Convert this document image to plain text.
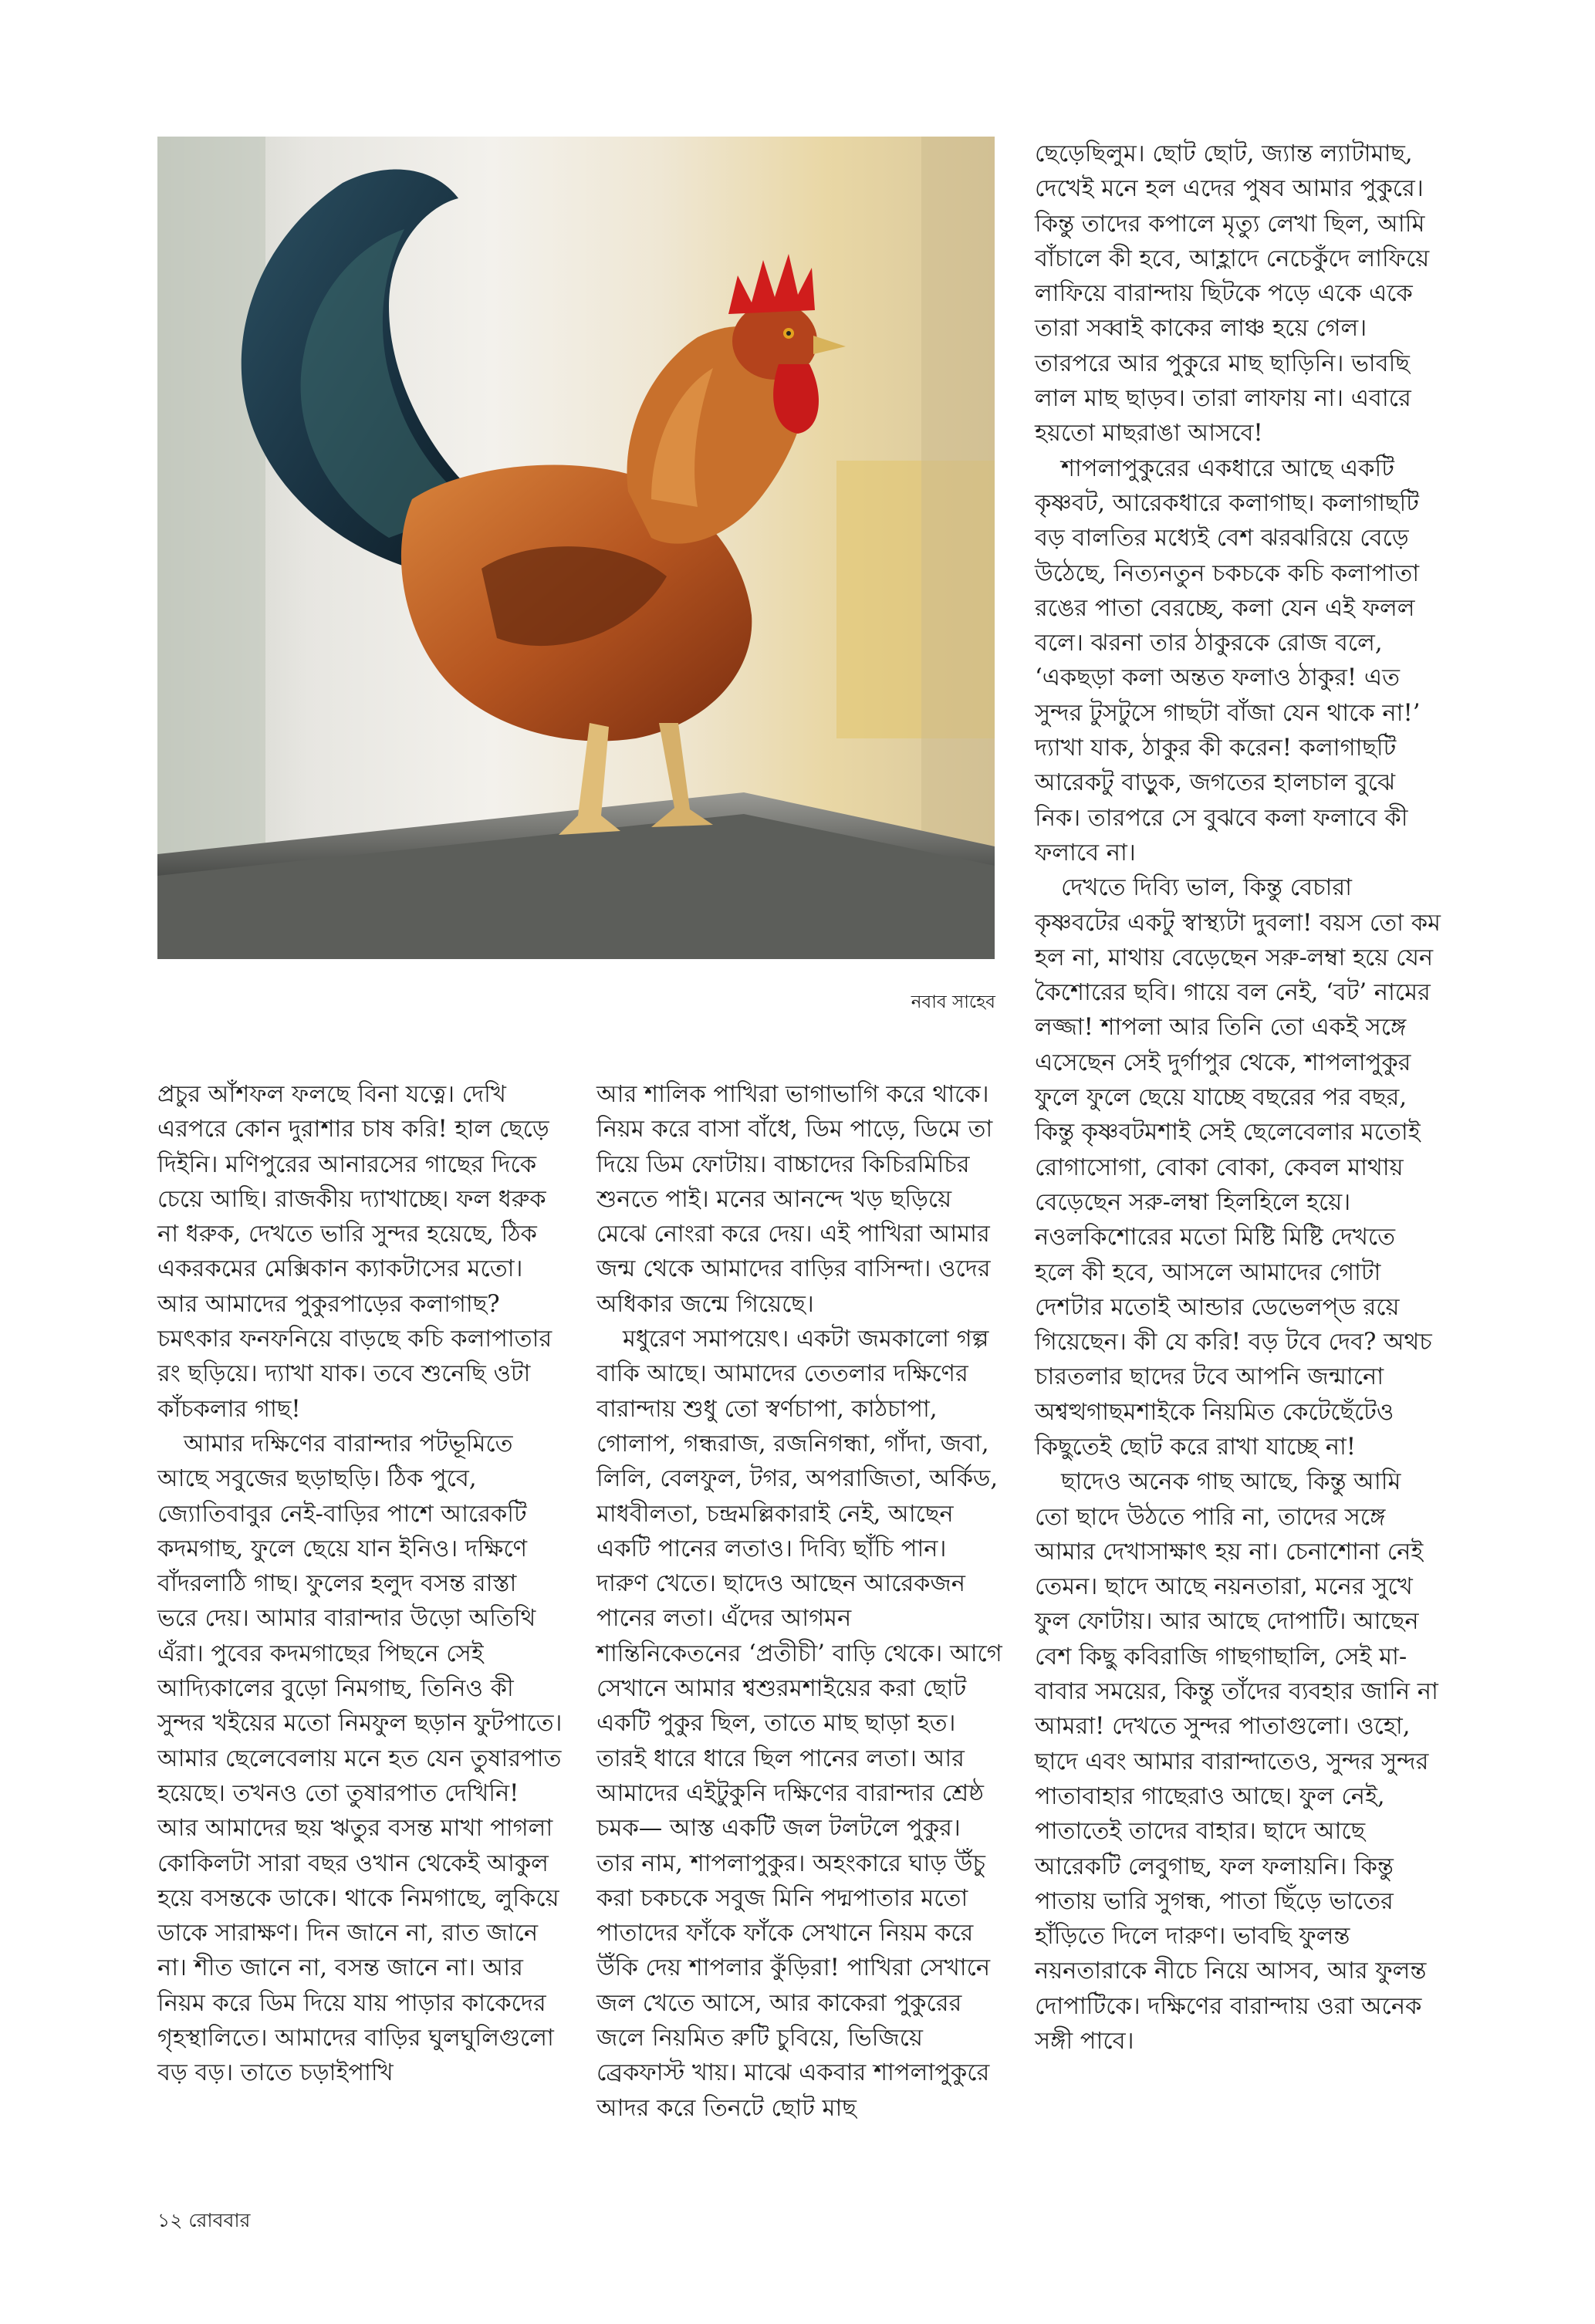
নবাব সাহেব

প্রচুর আঁশফল ফলছে বিনা যত্নে। দেখি এরপরে কোন দুরাশার চাষ করি! হাল ছেড়ে দিইনি। মণিপুরের আনারসের গাছের দিকে চেয়ে আছি। রাজকীয় দ্যাখাচ্ছে। ফল ধরুক না ধরুক, দেখতে ভারি সুন্দর হয়েছে, ঠিক একরকমের মেক্সিকান ক্যাকটাসের মতো। আর আমাদের পুকুরপাড়ের কলাগাছ? চমৎকার ফনফনিয়ে বাড়ছে কচি কলাপাতার রং ছড়িয়ে। দ্যাখা যাক। তবে শুনেছি ওটা কাঁচকলার গাছ!

আমার দক্ষিণের বারান্দার পটভূমিতে আছে সবুজের ছড়াছড়ি। ঠিক পুবে, জ্যোতিবাবুর নেই-বাড়ির পাশে আরেকটি কদমগাছ, ফুলে ছেয়ে যান ইনিও। দক্ষিণে বাঁদরলাঠি গাছ। ফুলের হলুদ বসন্ত রাস্তা ভরে দেয়। আমার বারান্দার উড়ো অতিথি এঁরা। পুবের কদমগাছের পিছনে সেই আদ্যিকালের বুড়ো নিমগাছ, তিনিও কী সুন্দর খইয়ের মতো নিমফুল ছড়ান ফুটপাতে। আমার ছেলেবেলায় মনে হত যেন তুষারপাত হয়েছে। তখনও তো তুষারপাত দেখিনি! আর আমাদের ছয় ঋতুর বসন্ত মাখা পাগলা কোকিলটা সারা বছর ওখান থেকেই আকুল হয়ে বসন্তকে ডাকে। থাকে নিমগাছে, লুকিয়ে ডাকে সারাক্ষণ। দিন জানে না, রাত জানে না। শীত জানে না, বসন্ত জানে না। আর নিয়ম করে ডিম দিয়ে যায় পাড়ার কাকেদের গৃহস্থালিতে। আমাদের বাড়ির ঘুলঘুলিগুলো বড় বড়। তাতে চড়াইপাখি

আর শালিক পাখিরা ভাগাভাগি করে থাকে। নিয়ম করে বাসা বাঁধে, ডিম পাড়ে, ডিমে তা দিয়ে ডিম ফোটায়। বাচ্চাদের কিচিরমিচির শুনতে পাই। মনের আনন্দে খড় ছড়িয়ে মেঝে নোংরা করে দেয়। এই পাখিরা আমার জন্ম থেকে আমাদের বাড়ির বাসিন্দা। ওদের অধিকার জন্মে গিয়েছে।

মধুরেণ সমাপয়েৎ। একটা জমকালো গল্প বাকি আছে। আমাদের তেতলার দক্ষিণের বারান্দায় শুধু তো স্বর্ণচাপা, কাঠচাপা, গোলাপ, গন্ধরাজ, রজনিগন্ধা, গাঁদা, জবা, লিলি, বেলফুল, টগর, অপরাজিতা, অর্কিড, মাধবীলতা, চন্দ্রমল্লিকারাই নেই, আছেন একটি পানের লতাও। দিব্যি ছাঁচি পান। দারুণ খেতে। ছাদেও আছেন আরেকজন পানের লতা। এঁদের আগমন শান্তিনিকেতনের ‘প্রতীচী’ বাড়ি থেকে। আগে সেখানে আমার শ্বশুরমশাইয়ের করা ছোট একটি পুকুর ছিল, তাতে মাছ ছাড়া হত। তারই ধারে ধারে ছিল পানের লতা। আর আমাদের এইটুকুনি দক্ষিণের বারান্দার শ্রেষ্ঠ চমক— আস্ত একটি জল টলটলে পুকুর। তার নাম, শাপলাপুকুর। অহংকারে ঘাড় উঁচু করা চকচকে সবুজ মিনি পদ্মপাতার মতো পাতাদের ফাঁকে ফাঁকে সেখানে নিয়ম করে উঁকি দেয় শাপলার কুঁড়িরা! পাখিরা সেখানে জল খেতে আসে, আর কাকেরা পুকুরের জলে নিয়মিত রুটি চুবিয়ে, ভিজিয়ে ব্রেকফাস্ট খায়। মাঝে একবার শাপলাপুকুরে আদর করে তিনটে ছোট মাছ

ছেড়েছিলুম। ছোট ছোট, জ্যান্ত ল্যাটামাছ, দেখেই মনে হল এদের পুষব আমার পুকুরে। কিন্তু তাদের কপালে মৃত্যু লেখা ছিল, আমি বাঁচালে কী হবে, আহ্লাদে নেচেকুঁদে লাফিয়ে লাফিয়ে বারান্দায় ছিটকে পড়ে একে একে তারা সব্বাই কাকের লাঞ্চ হয়ে গেল। তারপরে আর পুকুরে মাছ ছাড়িনি। ভাবছি লাল মাছ ছাড়ব। তারা লাফায় না। এবারে হয়তো মাছরাঙা আসবে!

শাপলাপুকুরের একধারে আছে একটি কৃষ্ণবট, আরেকধারে কলাগাছ। কলাগাছটি বড় বালতির মধ্যেই বেশ ঝরঝরিয়ে বেড়ে উঠেছে, নিত্যনতুন চকচকে কচি কলাপাতা রঙের পাতা বেরচ্ছে, কলা যেন এই ফলল বলে। ঝরনা তার ঠাকুরকে রোজ বলে, ‘একছড়া কলা অন্তত ফলাও ঠাকুর! এত সুন্দর টুসটুসে গাছটা বাঁজা যেন থাকে না!’ দ্যাখা যাক, ঠাকুর কী করেন! কলাগাছটি আরেকটু বাড়ুক, জগতের হালচাল বুঝে নিক। তারপরে সে বুঝবে কলা ফলাবে কী ফলাবে না।

দেখতে দিব্যি ভাল, কিন্তু বেচারা কৃষ্ণবটের একটু স্বাস্থ্যটা দুবলা! বয়স তো কম হল না, মাথায় বেড়েছেন সরু-লম্বা হয়ে যেন কৈশোরের ছবি। গায়ে বল নেই, ‘বট’ নামের লজ্জা! শাপলা আর তিনি তো একই সঙ্গে এসেছেন সেই দুর্গাপুর থেকে, শাপলাপুকুর ফুলে ফুলে ছেয়ে যাচ্ছে বছরের পর বছর, কিন্তু কৃষ্ণবটমশাই সেই ছেলেবেলার মতোই রোগাসোগা, বোকা বোকা, কেবল মাথায় বেড়েছেন সরু-লম্বা হিলহিলে হয়ে। নওলকিশোরের মতো মিষ্টি মিষ্টি দেখতে হলে কী হবে, আসলে আমাদের গোটা দেশটার মতোই আন্ডার ডেভেলপ্ড রয়ে গিয়েছেন। কী যে করি! বড় টবে দেব? অথচ চারতলার ছাদের টবে আপনি জন্মানো অশ্বত্থগাছমশাইকে নিয়মিত কেটেছেঁটেও কিছুতেই ছোট করে রাখা যাচ্ছে না!

ছাদেও অনেক গাছ আছে, কিন্তু আমি তো ছাদে উঠতে পারি না, তাদের সঙ্গে আমার দেখাসাক্ষাৎ হয় না। চেনাশোনা নেই তেমন। ছাদে আছে নয়নতারা, মনের সুখে ফুল ফোটায়। আর আছে দোপাটি। আছেন বেশ কিছু কবিরাজি গাছগাছালি, সেই মা-বাবার সময়ের, কিন্তু তাঁদের ব্যবহার জানি না আমরা! দেখতে সুন্দর পাতাগুলো। ওহো, ছাদে এবং আমার বারান্দাতেও, সুন্দর সুন্দর পাতাবাহার গাছেরাও আছে। ফুল নেই, পাতাতেই তাদের বাহার। ছাদে আছে আরেকটি লেবুগাছ, ফল ফলায়নি। কিন্তু পাতায় ভারি সুগন্ধ, পাতা ছিঁড়ে ভাতের হাঁড়িতে দিলে দারুণ। ভাবছি ফুলন্ত নয়নতারাকে নীচে নিয়ে আসব, আর ফুলন্ত দোপাটিকে। দক্ষিণের বারান্দায় ওরা অনেক সঙ্গী পাবে।

১২ রোববার
